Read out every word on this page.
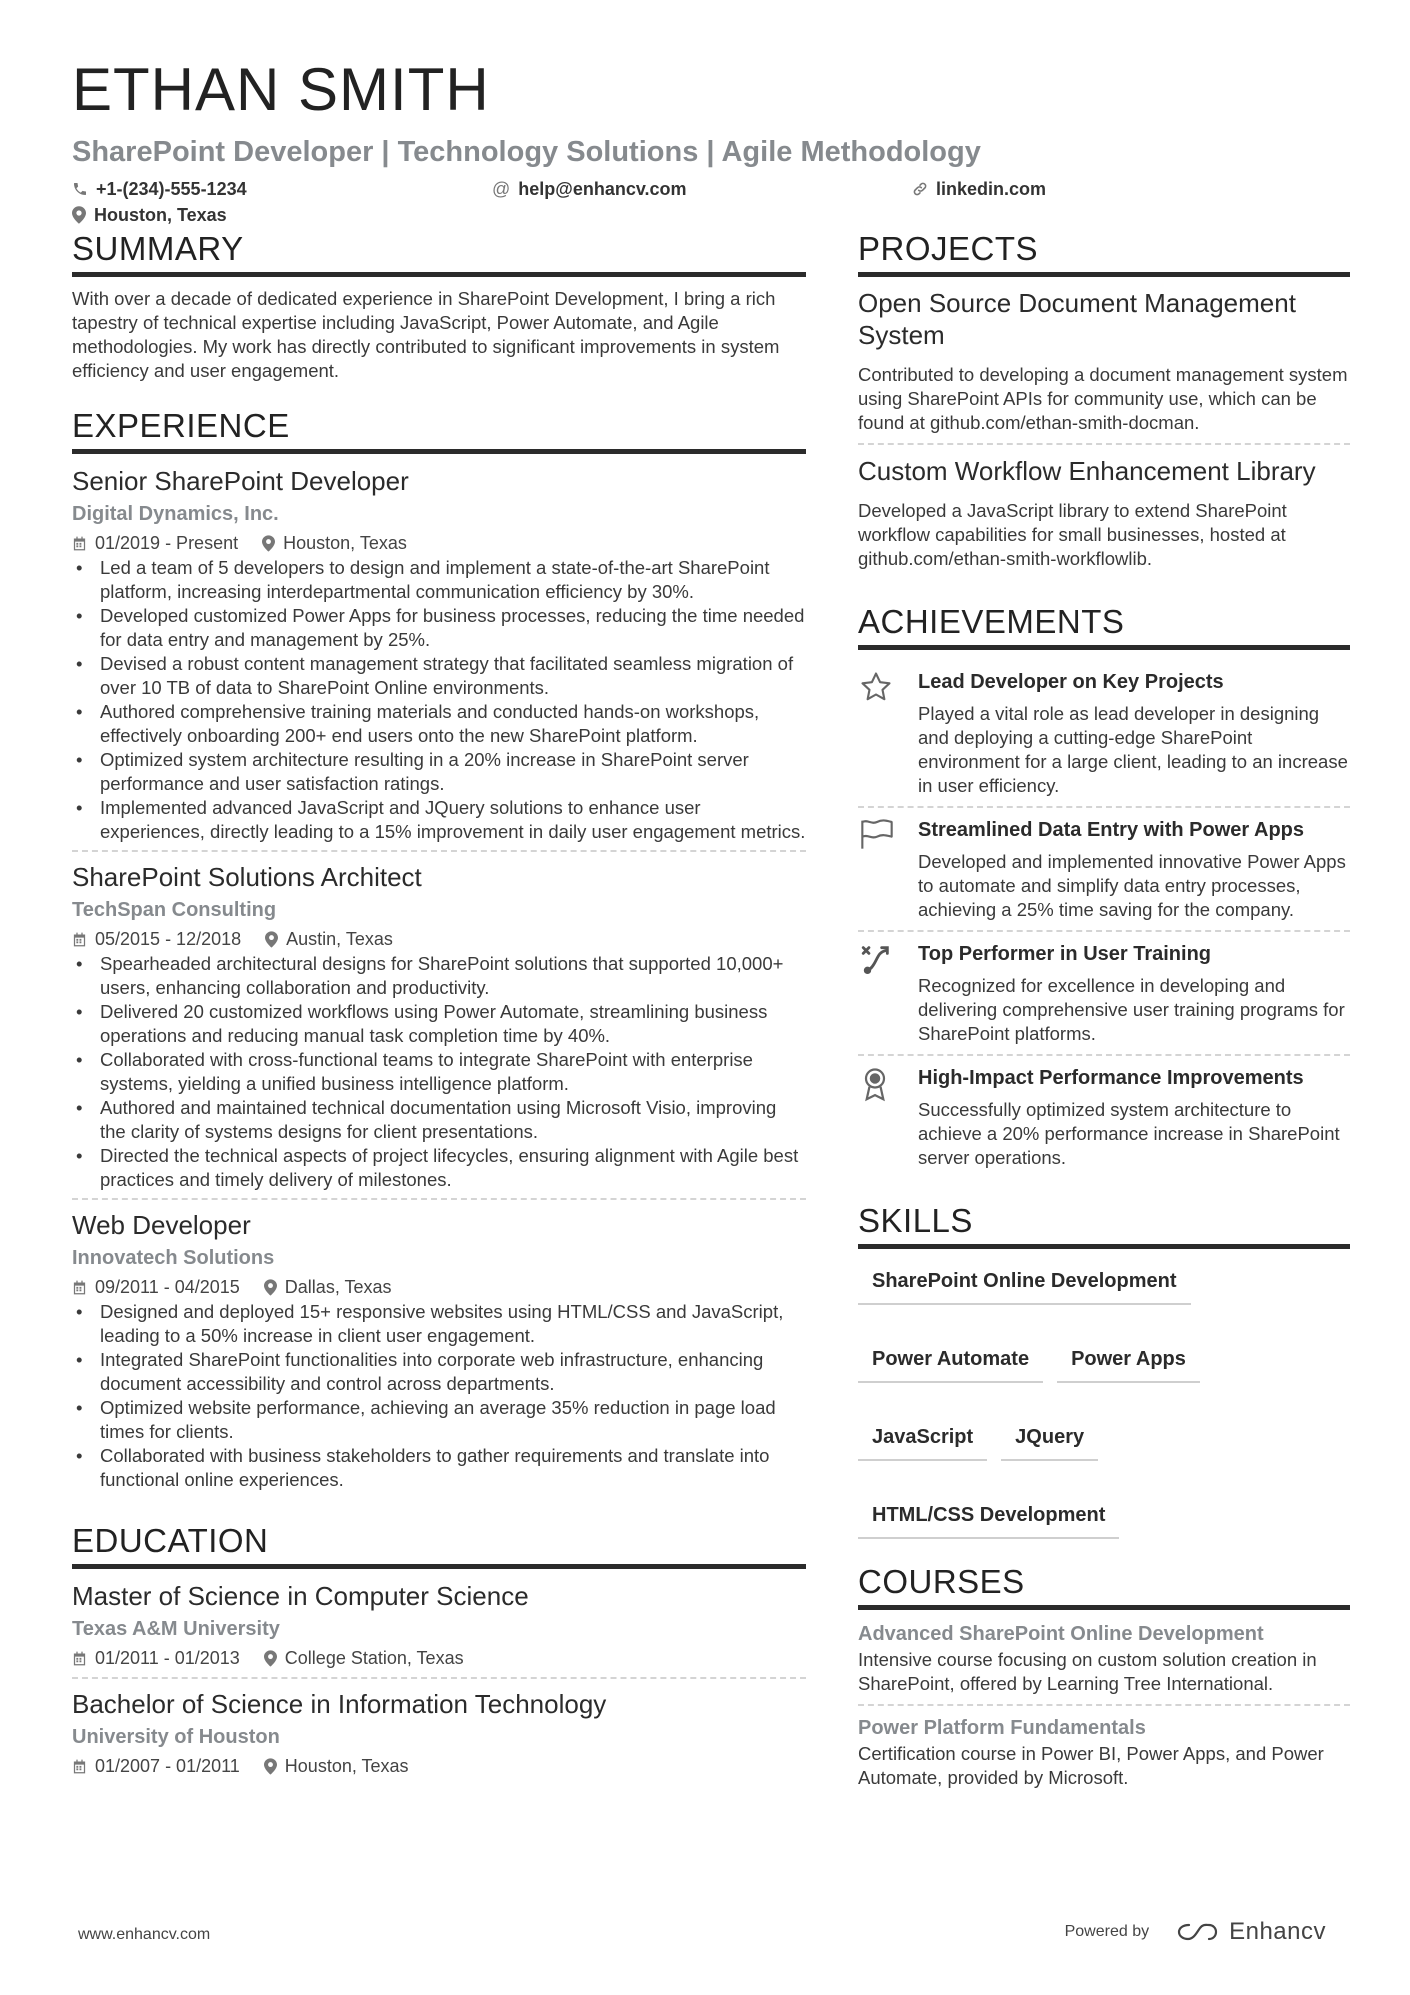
ETHAN SMITH
SharePoint Developer | Technology Solutions | Agile Methodology
+1-(234)-555-1234	@ help@enhancv.com	linkedin.com
Houston, Texas
SUMMARY
With over a decade of dedicated experience in SharePoint Development, I bring a rich tapestry of technical expertise including JavaScript, Power Automate, and Agile methodologies. My work has directly contributed to significant improvements in system efficiency and user engagement.
EXPERIENCE
Senior SharePoint Developer
Digital Dynamics, Inc.
01/2019 - Present	Houston, Texas
• Led a team of 5 developers to design and implement a state-of-the-art SharePoint platform, increasing interdepartmental communication efficiency by 30%.
• Developed customized Power Apps for business processes, reducing the time needed for data entry and management by 25%.
• Devised a robust content management strategy that facilitated seamless migration of over 10 TB of data to SharePoint Online environments.
• Authored comprehensive training materials and conducted hands-on workshops, effectively onboarding 200+ end users onto the new SharePoint platform.
• Optimized system architecture resulting in a 20% increase in SharePoint server performance and user satisfaction ratings.
• Implemented advanced JavaScript and JQuery solutions to enhance user experiences, directly leading to a 15% improvement in daily user engagement metrics.
SharePoint Solutions Architect
TechSpan Consulting
05/2015 - 12/2018	Austin, Texas
• Spearheaded architectural designs for SharePoint solutions that supported 10,000+ users, enhancing collaboration and productivity.
• Delivered 20 customized workflows using Power Automate, streamlining business operations and reducing manual task completion time by 40%.
• Collaborated with cross-functional teams to integrate SharePoint with enterprise systems, yielding a unified business intelligence platform.
• Authored and maintained technical documentation using Microsoft Visio, improving the clarity of systems designs for client presentations.
• Directed the technical aspects of project lifecycles, ensuring alignment with Agile best practices and timely delivery of milestones.
Web Developer
Innovatech Solutions
09/2011 - 04/2015	Dallas, Texas
• Designed and deployed 15+ responsive websites using HTML/CSS and JavaScript, leading to a 50% increase in client user engagement.
• Integrated SharePoint functionalities into corporate web infrastructure, enhancing document accessibility and control across departments.
• Optimized website performance, achieving an average 35% reduction in page load times for clients.
• Collaborated with business stakeholders to gather requirements and translate into functional online experiences.
EDUCATION
Master of Science in Computer Science
Texas A&M University
01/2011 - 01/2013	College Station, Texas
Bachelor of Science in Information Technology
University of Houston
01/2007 - 01/2011	Houston, Texas
PROJECTS
Open Source Document Management System
Contributed to developing a document management system using SharePoint APIs for community use, which can be found at github.com/ethan-smith-docman.
Custom Workflow Enhancement Library
Developed a JavaScript library to extend SharePoint workflow capabilities for small businesses, hosted at github.com/ethan-smith-workflowlib.
ACHIEVEMENTS
Lead Developer on Key Projects
Played a vital role as lead developer in designing and deploying a cutting-edge SharePoint environment for a large client, leading to an increase in user efficiency.
Streamlined Data Entry with Power Apps
Developed and implemented innovative Power Apps to automate and simplify data entry processes, achieving a 25% time saving for the company.
Top Performer in User Training
Recognized for excellence in developing and delivering comprehensive user training programs for SharePoint platforms.
High-Impact Performance Improvements
Successfully optimized system architecture to achieve a 20% performance increase in SharePoint server operations.
SKILLS
SharePoint Online Development
Power Automate	Power Apps
JavaScript	JQuery
HTML/CSS Development
COURSES
Advanced SharePoint Online Development
Intensive course focusing on custom solution creation in SharePoint, offered by Learning Tree International.
Power Platform Fundamentals
Certification course in Power BI, Power Apps, and Power Automate, provided by Microsoft.
www.enhancv.com	Powered by	Enhancv
